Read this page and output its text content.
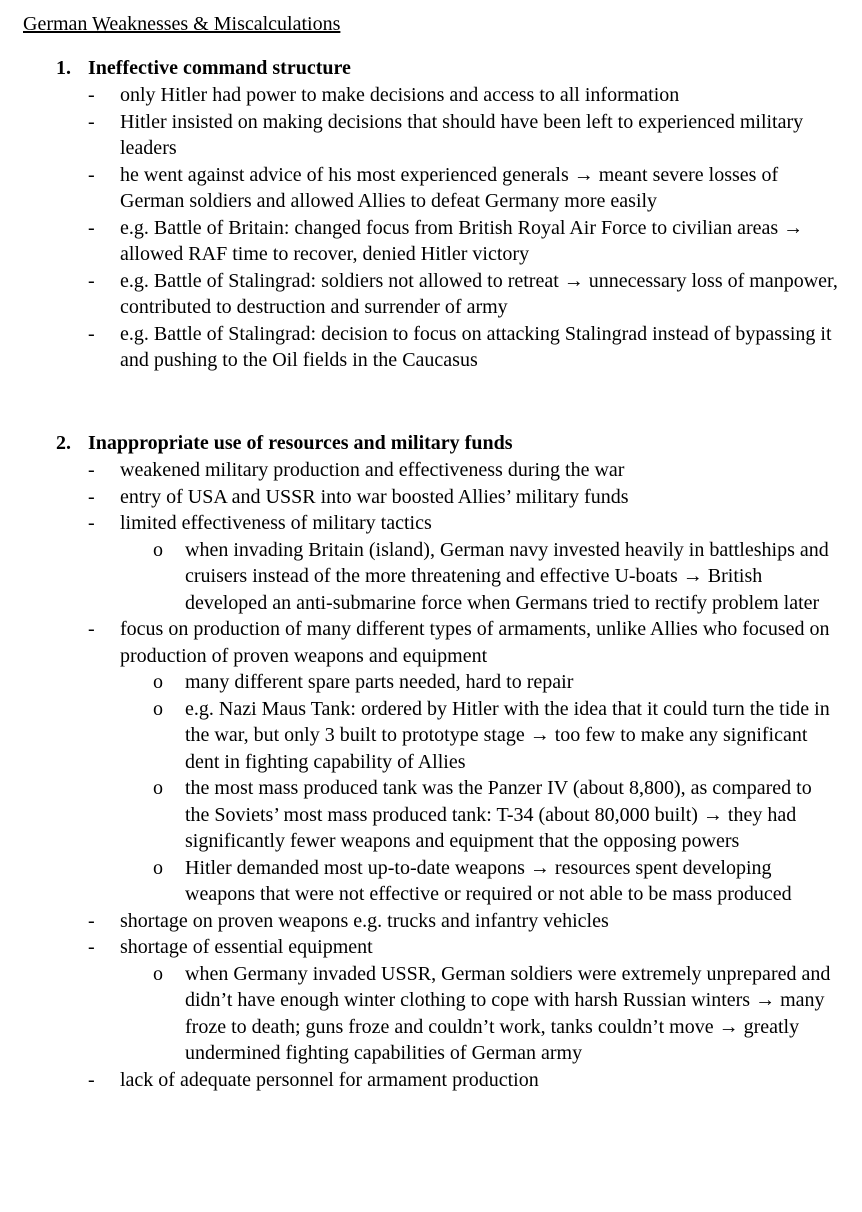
German Weaknesses & Miscalculations
1. Ineffective command structure
- only Hitler had power to make decisions and access to all information
- Hitler insisted on making decisions that should have been left to experienced military leaders
- he went against advice of his most experienced generals → meant severe losses of German soldiers and allowed Allies to defeat Germany more easily
- e.g. Battle of Britain: changed focus from British Royal Air Force to civilian areas → allowed RAF time to recover, denied Hitler victory
- e.g. Battle of Stalingrad: soldiers not allowed to retreat → unnecessary loss of manpower, contributed to destruction and surrender of army
- e.g. Battle of Stalingrad: decision to focus on attacking Stalingrad instead of bypassing it and pushing to the Oil fields in the Caucasus
2. Inappropriate use of resources and military funds
- weakened military production and effectiveness during the war
- entry of USA and USSR into war boosted Allies’ military funds
- limited effectiveness of military tactics
o when invading Britain (island), German navy invested heavily in battleships and cruisers instead of the more threatening and effective U-boats → British developed an anti-submarine force when Germans tried to rectify problem later
- focus on production of many different types of armaments, unlike Allies who focused on production of proven weapons and equipment
o many different spare parts needed, hard to repair
o e.g. Nazi Maus Tank: ordered by Hitler with the idea that it could turn the tide in the war, but only 3 built to prototype stage → too few to make any significant dent in fighting capability of Allies
o the most mass produced tank was the Panzer IV (about 8,800), as compared to the Soviets’ most mass produced tank: T-34 (about 80,000 built) → they had significantly fewer weapons and equipment that the opposing powers
o Hitler demanded most up-to-date weapons → resources spent developing weapons that were not effective or required or not able to be mass produced
- shortage on proven weapons e.g. trucks and infantry vehicles
- shortage of essential equipment
o when Germany invaded USSR, German soldiers were extremely unprepared and didn’t have enough winter clothing to cope with harsh Russian winters → many froze to death; guns froze and couldn’t work, tanks couldn’t move → greatly undermined fighting capabilities of German army
- lack of adequate personnel for armament production
